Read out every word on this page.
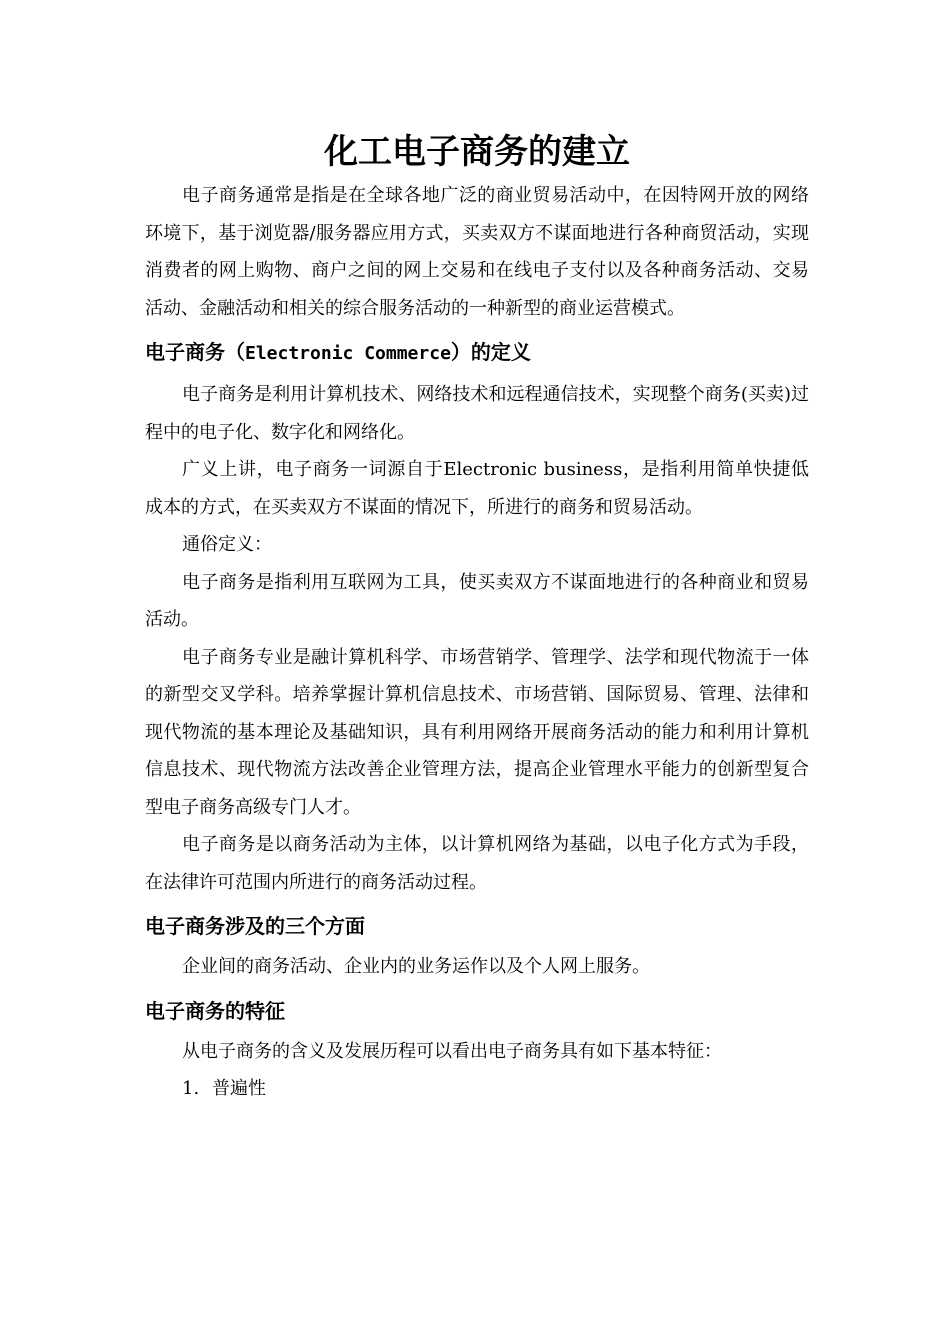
化工电子商务的建立

电子商务通常是指是在全球各地广泛的商业贸易活动中，在因特网开放的网络环境下，基于浏览器/服务器应用方式，买卖双方不谋面地进行各种商贸活动，实现消费者的网上购物、商户之间的网上交易和在线电子支付以及各种商务活动、交易活动、金融活动和相关的综合服务活动的一种新型的商业运营模式。

电子商务（Electronic Commerce）的定义

电子商务是利用计算机技术、网络技术和远程通信技术，实现整个商务(买卖)过程中的电子化、数字化和网络化。

广义上讲，电子商务一词源自于Electronic business，是指利用简单快捷低成本的方式，在买卖双方不谋面的情况下，所进行的商务和贸易活动。

通俗定义：

电子商务是指利用互联网为工具，使买卖双方不谋面地进行的各种商业和贸易活动。

电子商务专业是融计算机科学、市场营销学、管理学、法学和现代物流于一体的新型交叉学科。培养掌握计算机信息技术、市场营销、国际贸易、管理、法律和现代物流的基本理论及基础知识，具有利用网络开展商务活动的能力和利用计算机信息技术、现代物流方法改善企业管理方法，提高企业管理水平能力的创新型复合型电子商务高级专门人才。

电子商务是以商务活动为主体，以计算机网络为基础，以电子化方式为手段，在法律许可范围内所进行的商务活动过程。

电子商务涉及的三个方面

企业间的商务活动、企业内的业务运作以及个人网上服务。

电子商务的特征

从电子商务的含义及发展历程可以看出电子商务具有如下基本特征：

1. 普遍性
